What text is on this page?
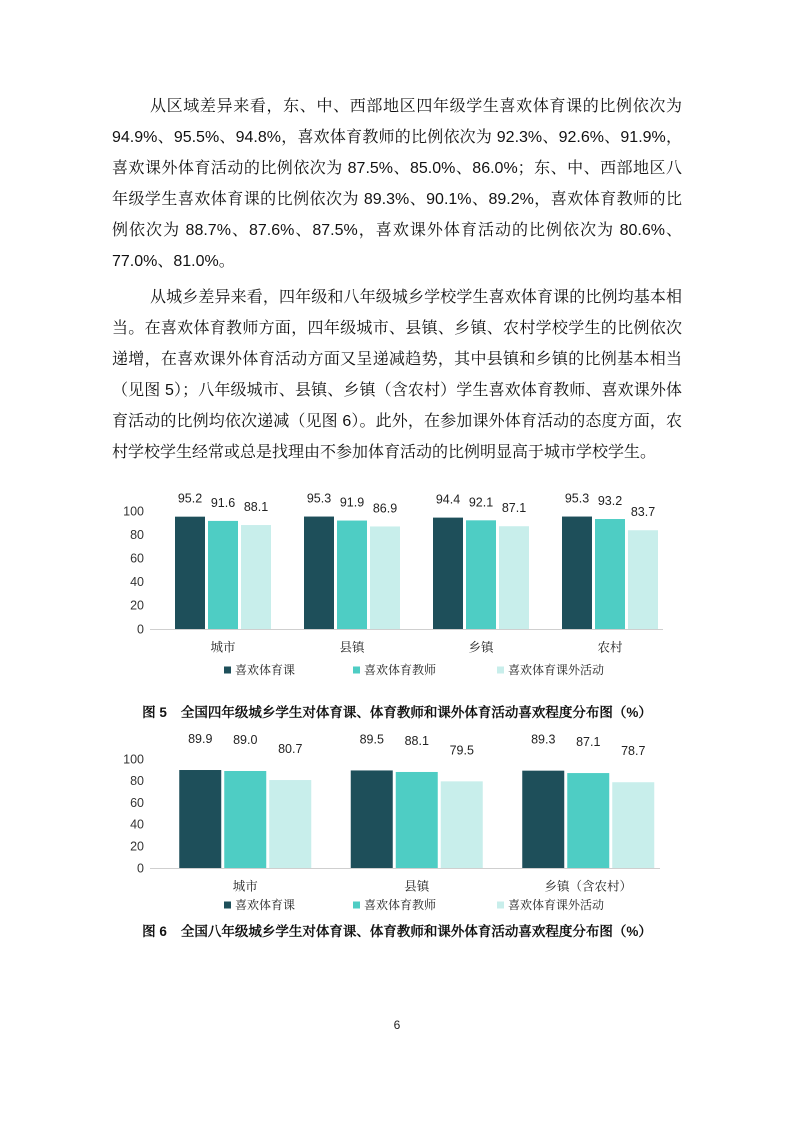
从区域差异来看，东、中、西部地区四年级学生喜欢体育课的比例依次为
94.9%、95.5%、94.8%，喜欢体育教师的比例依次为 92.3%、92.6%、91.9%，
喜欢课外体育活动的比例依次为 87.5%、85.0%、86.0%；东、中、西部地区八
年级学生喜欢体育课的比例依次为 89.3%、90.1%、89.2%，喜欢体育教师的比
例依次为 88.7%、87.6%、87.5%，喜欢课外体育活动的比例依次为 80.6%、
77.0%、81.0%。
从城乡差异来看，四年级和八年级城乡学校学生喜欢体育课的比例均基本相
当。在喜欢体育教师方面，四年级城市、县镇、乡镇、农村学校学生的比例依次
递增，在喜欢课外体育活动方面又呈递减趋势，其中县镇和乡镇的比例基本相当
（见图 5）；八年级城市、县镇、乡镇（含农村）学生喜欢体育教师、喜欢课外体
育活动的比例均依次递减（见图 6）。此外，在参加课外体育活动的态度方面，农
村学校学生经常或总是找理由不参加体育活动的比例明显高于城市学校学生。
0
20
40
60
80
100
95.2 91.6 88.1
城市
95.3 91.9 86.9
县镇
94.4 92.1 87.1
乡镇
95.3 93.2
83.7
农村
喜欢体育课	喜欢体育教师	喜欢体育课外活动
图 5 全国四年级城乡学生对体育课、体育教师和课外体育活动喜欢程度分布图（%）
0
20
40
60
80
100
89.9 89.0
80.7
城市
89.5 88.1
79.5
县镇
89.3 87.1
78.7
乡镇（含农村）
喜欢体育课	喜欢体育教师	喜欢体育课外活动
图 6 全国八年级城乡学生对体育课、体育教师和课外体育活动喜欢程度分布图（%）
6
